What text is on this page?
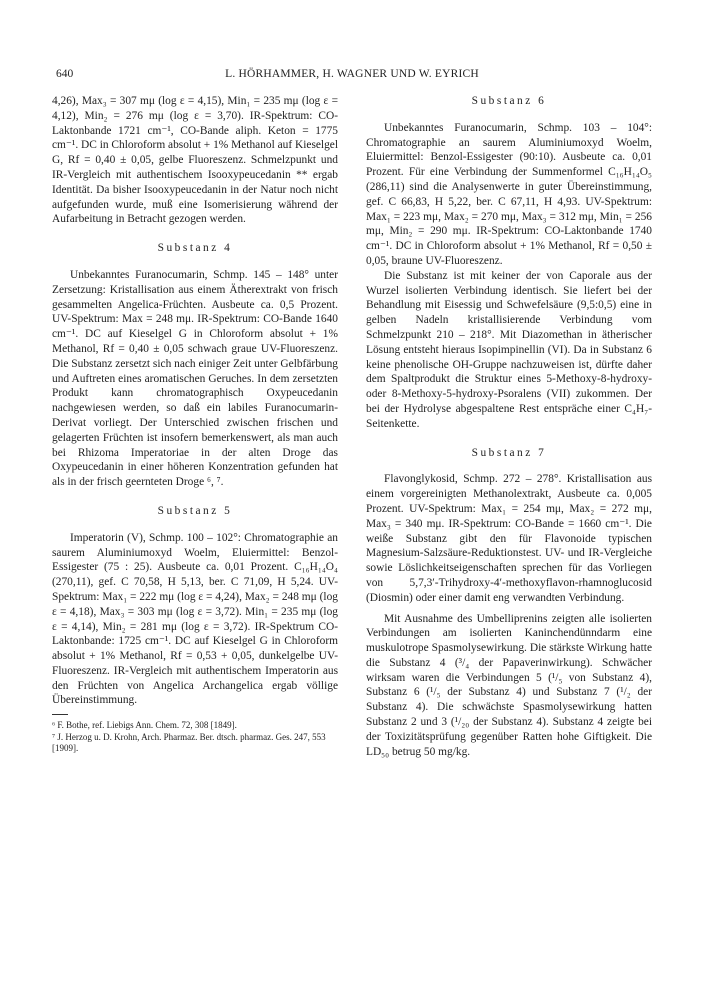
640	L. HÖRHAMMER, H. WAGNER UND W. EYRICH

4,26), Max₃ = 307 mμ (log ε = 4,15), Min₁ = 235 mμ (log ε = 4,12), Min₂ = 276 mμ (log ε = 3,70). IR-Spektrum: CO-Laktonbande 1721 cm⁻¹, CO-Bande aliph. Keton = 1775 cm⁻¹. DC in Chloroform absolut + 1% Methanol auf Kieselgel G, Rf = 0,40 ± 0,05, gelbe Fluoreszenz. Schmelzpunkt und IR-Vergleich mit authentischem Isooxypeucedanin ** ergab Identität. Da bisher Isooxypeucedanin in der Natur noch nicht aufgefunden wurde, muß eine Isomerisierung während der Aufarbeitung in Betracht gezogen werden.

Substanz 4

Unbekanntes Furanocumarin, Schmp. 145 – 148° unter Zersetzung: Kristallisation aus einem Ätherextrakt von frisch gesammelten Angelica-Früchten. Ausbeute ca. 0,5 Prozent. UV-Spektrum: Max = 248 mμ. IR-Spektrum: CO-Bande 1640 cm⁻¹. DC auf Kieselgel G in Chloroform absolut + 1% Methanol, Rf = 0,40 ± 0,05 schwach graue UV-Fluoreszenz. Die Substanz zersetzt sich nach einiger Zeit unter Gelbfärbung und Auftreten eines aromatischen Geruches. In dem zersetzten Produkt kann chromatographisch Oxypeucedanin nachgewiesen werden, so daß ein labiles Furanocumarin-Derivat vorliegt. Der Unterschied zwischen frischen und gelagerten Früchten ist insofern bemerkenswert, als man auch bei Rhizoma Imperatoriae in der alten Droge das Oxypeucedanin in einer höheren Konzentration gefunden hat als in der frisch geernteten Droge ⁶, ⁷.

Substanz 5

Imperatorin (V), Schmp. 100 – 102°: Chromatographie an saurem Aluminiumoxyd Woelm, Eluiermittel: Benzol-Essigester (75 : 25). Ausbeute ca. 0,01 Prozent. C₁₆H₁₄O₄ (270,11), gef. C 70,58, H 5,13, ber. C 71,09, H 5,24. UV-Spektrum: Max₁ = 222 mμ (log ε = 4,24), Max₂ = 248 mμ (log ε = 4,18), Max₃ = 303 mμ (log ε = 3,72). Min₁ = 235 mμ (log ε = 4,14), Min₂ = 281 mμ (log ε = 3,72). IR-Spektrum CO-Laktonbande: 1725 cm⁻¹. DC auf Kieselgel G in Chloroform absolut + 1% Methanol, Rf = 0,53 + 0,05, dunkelgelbe UV-Fluoreszenz. IR-Vergleich mit authentischem Imperatorin aus den Früchten von Angelica Archangelica ergab völlige Übereinstimmung.

⁶ F. Bothe, ref. Liebigs Ann. Chem. 72, 308 [1849].

⁷ J. Herzog u. D. Krohn, Arch. Pharmaz. Ber. dtsch. pharmaz. Ges. 247, 553 [1909].

Substanz 6

Unbekanntes Furanocumarin, Schmp. 103 – 104°: Chromatographie an saurem Aluminiumoxyd Woelm, Eluiermittel: Benzol-Essigester (90:10). Ausbeute ca. 0,01 Prozent. Für eine Verbindung der Summenformel C₁₆H₁₄O₅ (286,11) sind die Analysenwerte in guter Übereinstimmung, gef. C 66,83, H 5,22, ber. C 67,11, H 4,93. UV-Spektrum: Max₁ = 223 mμ, Max₂ = 270 mμ, Max₃ = 312 mμ, Min₁ = 256 mμ, Min₂ = 290 mμ. IR-Spektrum: CO-Laktonbande 1740 cm⁻¹. DC in Chloroform absolut + 1% Methanol, Rf = 0,50 ± 0,05, braune UV-Fluoreszenz.

Die Substanz ist mit keiner der von Caporale aus der Wurzel isolierten Verbindung identisch. Sie liefert bei der Behandlung mit Eisessig und Schwefelsäure (9,5:0,5) eine in gelben Nadeln kristallisierende Verbindung vom Schmelzpunkt 210 – 218°. Mit Diazomethan in ätherischer Lösung entsteht hieraus Isopimpinellin (VI). Da in Substanz 6 keine phenolische OH-Gruppe nachzuweisen ist, dürfte daher dem Spaltprodukt die Struktur eines 5-Methoxy-8-hydroxy- oder 8-Methoxy-5-hydroxy-Psoralens (VII) zukommen. Der bei der Hydrolyse abgespaltene Rest entspräche einer C₄H₇-Seitenkette.

Substanz 7

Flavonglykosid, Schmp. 272 – 278°. Kristallisation aus einem vorgereinigten Methanolextrakt, Ausbeute ca. 0,005 Prozent. UV-Spektrum: Max₁ = 254 mμ, Max₂ = 272 mμ, Max₃ = 340 mμ. IR-Spektrum: CO-Bande = 1660 cm⁻¹. Die weiße Substanz gibt den für Flavonoide typischen Magnesium-Salzsäure-Reduktionstest. UV- und IR-Vergleiche sowie Löslichkeitseigenschaften sprechen für das Vorliegen von 5,7,3′-Trihydroxy-4′-methoxyflavon-rhamnoglucosid (Diosmin) oder einer damit eng verwandten Verbindung.

Mit Ausnahme des Umbelliprenins zeigten alle isolierten Verbindungen am isolierten Kaninchendünndarm eine muskulotrope Spasmolysewirkung. Die stärkste Wirkung hatte die Substanz 4 (³/₄ der Papaverinwirkung). Schwächer wirksam waren die Verbindungen 5 (¹/₅ von Substanz 4), Substanz 6 (¹/₅ der Substanz 4) und Substanz 7 (¹/₂ der Substanz 4). Die schwächste Spasmolysewirkung hatten Substanz 2 und 3 (¹/₂₀ der Substanz 4). Substanz 4 zeigte bei der Toxizitätsprüfung gegenüber Ratten hohe Giftigkeit. Die LD₅₀ betrug 50 mg/kg.
